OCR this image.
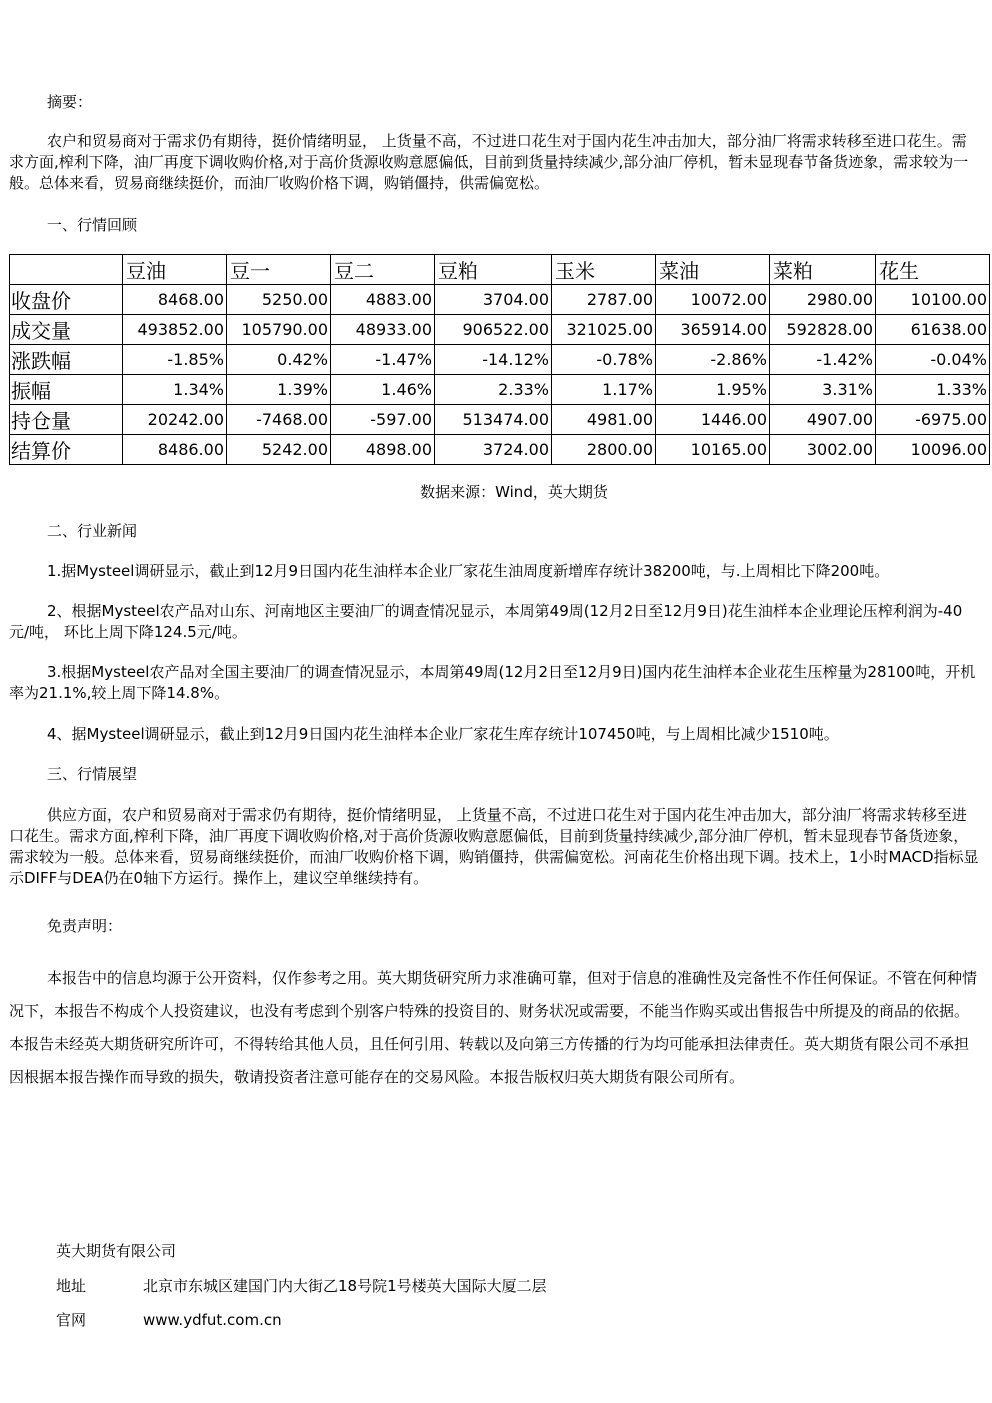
摘要：
农户和贸易商对于需求仍有期待，挺价情绪明显， 上货量不高，不过进口花生对于国内花生冲击加大，部分油厂将需求转移至进口花生。需求方面,榨利下降，油厂再度下调收购价格,对于高价货源收购意愿偏低，目前到货量持续减少,部分油厂停机，暂未显现春节备货迹象，需求较为一般。总体来看，贸易商继续挺价，而油厂收购价格下调，购销僵持，供需偏宽松。
一、行情回顾
	豆油	豆一	豆二	豆粕	玉米	菜油	菜粕	花生
收盘价	8468.00	5250.00	4883.00	3704.00	2787.00	10072.00	2980.00	10100.00
成交量	493852.00	105790.00	48933.00	906522.00	321025.00	365914.00	592828.00	61638.00
涨跌幅	-1.85%	0.42%	-1.47%	-14.12%	-0.78%	-2.86%	-1.42%	-0.04%
振幅	1.34%	1.39%	1.46%	2.33%	1.17%	1.95%	3.31%	1.33%
持仓量	20242.00	-7468.00	-597.00	513474.00	4981.00	1446.00	4907.00	-6975.00
结算价	8486.00	5242.00	4898.00	3724.00	2800.00	10165.00	3002.00	10096.00
数据来源：Wind，英大期货
二、行业新闻
1.据Mysteel调研显示，截止到12月9日国内花生油样本企业厂家花生油周度新增库存统计38200吨，与.上周相比下降200吨。
2、根据Mysteel农产品对山东、河南地区主要油厂的调查情况显示，本周第49周(12月2日至12月9日)花生油样本企业理论压榨利润为-40元/吨， 环比上周下降124.5元/吨。
3.根据Mysteel农产品对全国主要油厂的调查情况显示，本周第49周(12月2日至12月9日)国内花生油样本企业花生压榨量为28100吨，开机率为21.1%,较上周下降14.8%。
4、据Mysteel调研显示，截止到12月9日国内花生油样本企业厂家花生库存统计107450吨，与上周相比减少1510吨。
三、行情展望
供应方面，农户和贸易商对于需求仍有期待，挺价情绪明显， 上货量不高，不过进口花生对于国内花生冲击加大，部分油厂将需求转移至进口花生。需求方面,榨利下降，油厂再度下调收购价格,对于高价货源收购意愿偏低，目前到货量持续减少,部分油厂停机，暂未显现春节备货迹象，需求较为一般。总体来看，贸易商继续挺价，而油厂收购价格下调，购销僵持，供需偏宽松。河南花生价格出现下调。技术上，1小时MACD指标显示DIFF与DEA仍在0轴下方运行。操作上，建议空单继续持有。
免责声明：
本报告中的信息均源于公开资料，仅作参考之用。英大期货研究所力求准确可靠，但对于信息的准确性及完备性不作任何保证。不管在何种情况下，本报告不构成个人投资建议，也没有考虑到个别客户特殊的投资目的、财务状况或需要，不能当作购买或出售报告中所提及的商品的依据。本报告未经英大期货研究所许可，不得转给其他人员，且任何引用、转载以及向第三方传播的行为均可能承担法律责任。英大期货有限公司不承担因根据本报告操作而导致的损失，敬请投资者注意可能存在的交易风险。本报告版权归英大期货有限公司所有。
英大期货有限公司
地址	北京市东城区建国门内大街乙18号院1号楼英大国际大厦二层
官网	www.ydfut.com.cn
